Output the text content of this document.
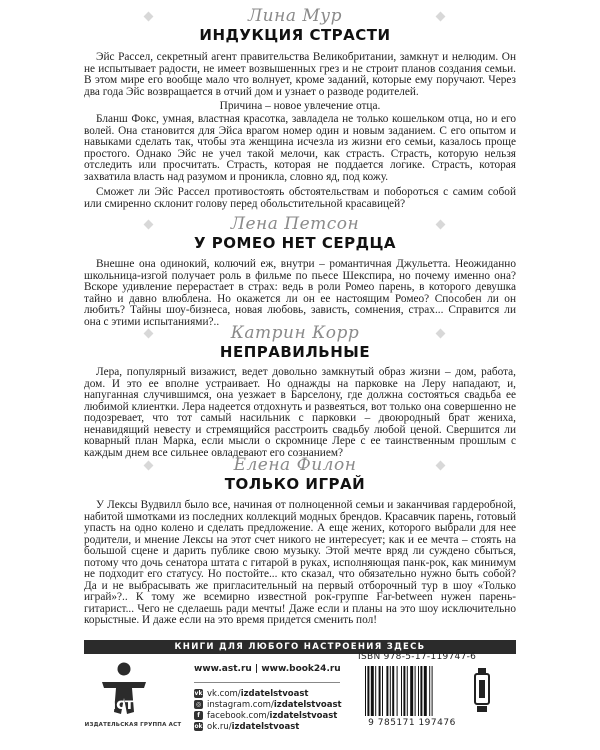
Лина Мур
ИНДУКЦИЯ СТРАСТИ

Эйс Рассел, секретный агент правительства Великобритании, замкнут и нелюдим. Он не испытывает радости, не имеет возвышенных грез и не строит планов создания семьи. В этом мире его вообще мало что волнует, кроме заданий, которые ему поручают. Через два года Эйс возвращается в отчий дом и узнает о разводе родителей.

Причина – новое увлечение отца.

Бланш Фокс, умная, властная красотка, завладела не только кошельком отца, но и его волей. Она становится для Эйса врагом номер один и новым заданием. С его опытом и навыками сделать так, чтобы эта женщина исчезла из жизни его семьи, казалось проще простого. Однако Эйс не учел такой мелочи, как страсть. Страсть, которую нельзя отследить или просчитать. Страсть, которая не поддается логике. Страсть, которая захватила власть над разумом и проникла, словно яд, под кожу.

Сможет ли Эйс Рассел противостоять обстоятельствам и побороться с самим собой или смиренно склонит голову перед обольстительной красавицей?

Лена Петсон
У РОМЕО НЕТ СЕРДЦА

Внешне она одинокий, колючий еж, внутри – романтичная Джульетта. Неожиданно школьница-изгой получает роль в фильме по пьесе Шекспира, но почему именно она? Вскоре удивление перерастает в страх: ведь в роли Ромео парень, в которого девушка тайно и давно влюблена. Но окажется ли он ее настоящим Ромео? Способен ли он любить? Тайны шоу-бизнеса, новая любовь, зависть, сомнения, страх... Справится ли она с этими испытаниями?..

Катрин Корр
НЕПРАВИЛЬНЫЕ

Лера, популярный визажист, ведет довольно замкнутый образ жизни – дом, работа, дом. И это ее вполне устраивает. Но однажды на парковке на Леру нападают, и, напуганная случившимся, она уезжает в Барселону, где должна состояться свадьба ее любимой клиентки. Лера надеется отдохнуть и развеяться, вот только она совершенно не подозревает, что тот самый насильник с парковки – двоюродный брат жениха, ненавидящий невесту и стремящийся расстроить свадьбу любой ценой. Свершится ли коварный план Марка, если мысли о скромнице Лере с ее таинственным прошлым с каждым днем все сильнее овладевают его сознанием?

Елена Филон
ТОЛЬКО ИГРАЙ

У Лексы Вудвилл было все, начиная от полноценной семьи и заканчивая гардеробной, набитой шмотками из последних коллекций модных брендов. Красавчик парень, готовый упасть на одно колено и сделать предложение. А еще жених, которого выбрали для нее родители, и мнение Лексы на этот счет никого не интересует; как и ее мечта – стоять на большой сцене и дарить публике свою музыку. Этой мечте вряд ли суждено сбыться, потому что дочь сенатора штата с гитарой в руках, исполняющая панк-рок, как минимум не подходит его статусу. Но постойте... кто сказал, что обязательно нужно быть собой? Да и не выбрасывать же пригласительный на первый отборочный тур в шоу «Только играй»?.. К тому же всемирно известной рок-группе Far-between нужен парень-гитарист... Чего не сделаешь ради мечты! Даже если и планы на это шоу исключительно корыстные. И даже если на это время придется сменить пол!

КНИГИ ДЛЯ ЛЮБОГО НАСТРОЕНИЯ ЗДЕСЬ
аст
ИЗДАТЕЛЬСКАЯ ГРУППА АСТ
www.ast.ru | www.book24.ru
vk vk.com/izdatelstvoast
◎ instagram.com/izdatelstvoast
f facebook.com/izdatelstvoast
ok ok.ru/izdatelstvoast
ISBN 978-5-17-119747-6
9 785171 197476
